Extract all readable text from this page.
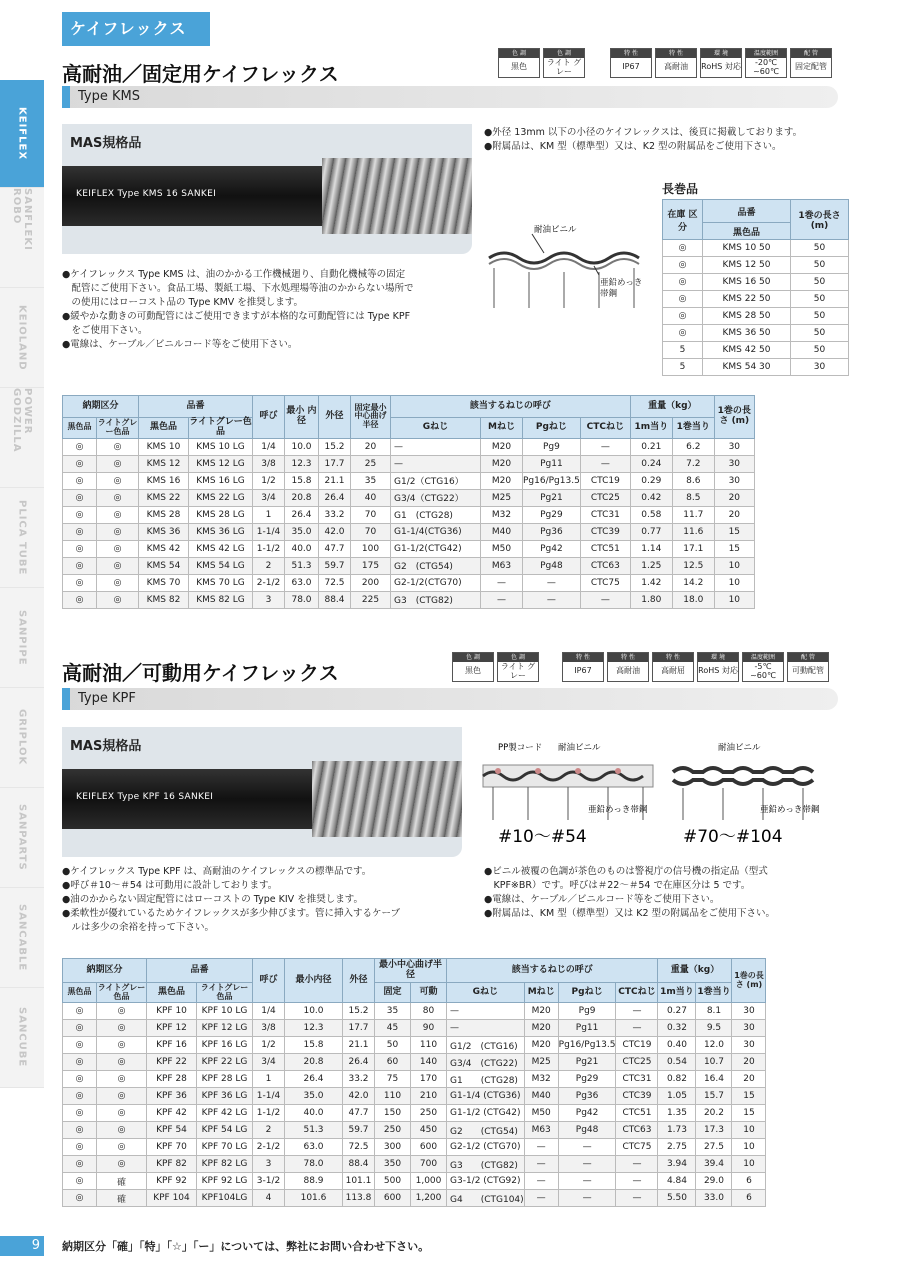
ケイフレックス
KEIFLEX
SANFLEKI ROBO
KEIOLAND
POWER GODZILLA
PLICA TUBE
SANPIPE
GRIPLOK
SANPARTS
SANCABLE
SANCUBE
高耐油／固定用ケイフレックス
色 調
黒色
色 調
ライト グレー
特 性
IP67
特 性
高耐油
環 境
RoHS 対応
温度範囲
-20℃ ~60℃
配 管
固定配管
Type KMS
MAS規格品
KEIFLEX Type KMS 16 SANKEI

●外径 13mm 以下の小径のケイフレックスは、後頁に掲載しております。

●附属品は、KM 型（標準型）又は、K2 型の附属品をご使用下さい。

耐油ビニル
亜鉛めっき 帯鋼
長巻品
在庫 区分	品番	1巻の長さ (m)
	黒色品	
◎	KMS 10 50	50
◎	KMS 12 50	50
◎	KMS 16 50	50
◎	KMS 22 50	50
◎	KMS 28 50	50
◎	KMS 36 50	50
5	KMS 42 50	50
5	KMS 54 30	30

●ケイフレックス Type KMS は、油のかかる工作機械廻り、自動化機械等の固定

　配管にご使用下さい。食品工場、製紙工場、下水処理場等油のかからない場所で

　の使用にはローコスト品の Type KMV を推奨します。

●緩やかな動きの可動配管にはご使用できますが本格的な可動配管には Type KPF

　をご使用下さい。

●電線は、ケーブル／ビニルコード等をご使用下さい。

納期区分		品番		呼び	最小 内径	外径	固定最小 中心曲げ半径	該当するねじの呼び				重量（kg）		1巻の長さ (m)
黒色品	ライトグレー色品	黒色品	ライトグレー色品					Gねじ	Mねじ	Pgねじ	CTCねじ	1m当り	1巻当り	
◎	◎	KMS 10	KMS 10 LG	1/4	10.0	15.2	20	—	M20	Pg9	—	0.21	6.2	30
◎	◎	KMS 12	KMS 12 LG	3/8	12.3	17.7	25	—	M20	Pg11	—	0.24	7.2	30
◎	◎	KMS 16	KMS 16 LG	1/2	15.8	21.1	35	G1/2（CTG16）	M20	Pg16/Pg13.5	CTC19	0.29	8.6	30
◎	◎	KMS 22	KMS 22 LG	3/4	20.8	26.4	40	G3/4（CTG22）	M25	Pg21	CTC25	0.42	8.5	20
◎	◎	KMS 28	KMS 28 LG	1	26.4	33.2	70	G1　(CTG28)	M32	Pg29	CTC31	0.58	11.7	20
◎	◎	KMS 36	KMS 36 LG	1-1/4	35.0	42.0	70	G1-1/4(CTG36)	M40	Pg36	CTC39	0.77	11.6	15
◎	◎	KMS 42	KMS 42 LG	1-1/2	40.0	47.7	100	G1-1/2(CTG42)	M50	Pg42	CTC51	1.14	17.1	15
◎	◎	KMS 54	KMS 54 LG	2	51.3	59.7	175	G2　(CTG54)	M63	Pg48	CTC63	1.25	12.5	10
◎	◎	KMS 70	KMS 70 LG	2-1/2	63.0	72.5	200	G2-1/2(CTG70)	—	—	CTC75	1.42	14.2	10
◎	◎	KMS 82	KMS 82 LG	3	78.0	88.4	225	G3　(CTG82)	—	—	—	1.80	18.0	10
高耐油／可動用ケイフレックス
色 調
黒色
色 調
ライト グレー
特 性
IP67
特 性
高耐油
特 性
高耐屈
環 境
RoHS 対応
温度範囲
-5℃ ~60℃
配 管
可動配管
Type KPF
MAS規格品
KEIFLEX Type KPF 16 SANKEI
PP製コード 耐油ビニル
亜鉛めっき帯鋼
#10～#54
耐油ビニル
亜鉛めっき帯鋼
#70～#104

●ケイフレックス Type KPF は、高耐油のケイフレックスの標準品です。

●呼び＃10～＃54 は可動用に設計しております。

●油のかからない固定配管にはローコストの Type KIV を推奨します。

●柔軟性が優れているためケイフレックスが多少伸びます。管に挿入するケーブ

　ルは多少の余裕を持って下さい。

●ビニル被覆の色調が茶色のものは警視庁の信号機の指定品（型式

　KPF※BR）です。呼びは＃22～＃54 で在庫区分は 5 です。

●電線は、ケーブル／ビニルコード等をご使用下さい。

●附属品は、KM 型（標準型）又は K2 型の附属品をご使用下さい。

納期区分		品番		呼び	最小内径	外径	最小中心曲げ半径		該当するねじの呼び				重量（kg）		1巻の長さ (m)
黒色品	ライトグレー色品	黒色品	ライトグレー色品				固定	可動	Gねじ	Mねじ	Pgねじ	CTCねじ	1m当り	1巻当り	
◎	◎	KPF 10	KPF 10 LG	1/4	10.0	15.2	35	80	—	M20	Pg9	—	0.27	8.1	30
◎	◎	KPF 12	KPF 12 LG	3/8	12.3	17.7	45	90	—	M20	Pg11	—	0.32	9.5	30
◎	◎	KPF 16	KPF 16 LG	1/2	15.8	21.1	50	110	G1/2　(CTG16)	M20	Pg16/Pg13.5	CTC19	0.40	12.0	30
◎	◎	KPF 22	KPF 22 LG	3/4	20.8	26.4	60	140	G3/4　(CTG22)	M25	Pg21	CTC25	0.54	10.7	20
◎	◎	KPF 28	KPF 28 LG	1	26.4	33.2	75	170	G1　　(CTG28)	M32	Pg29	CTC31	0.82	16.4	20
◎	◎	KPF 36	KPF 36 LG	1-1/4	35.0	42.0	110	210	G1-1/4 (CTG36)	M40	Pg36	CTC39	1.05	15.7	15
◎	◎	KPF 42	KPF 42 LG	1-1/2	40.0	47.7	150	250	G1-1/2 (CTG42)	M50	Pg42	CTC51	1.35	20.2	15
◎	◎	KPF 54	KPF 54 LG	2	51.3	59.7	250	450	G2　　(CTG54)	M63	Pg48	CTC63	1.73	17.3	10
◎	◎	KPF 70	KPF 70 LG	2-1/2	63.0	72.5	300	600	G2-1/2 (CTG70)	—	—	CTC75	2.75	27.5	10
◎	◎	KPF 82	KPF 82 LG	3	78.0	88.4	350	700	G3　　(CTG82)	—	—	—	3.94	39.4	10
◎	確	KPF 92	KPF 92 LG	3-1/2	88.9	101.1	500	1,000	G3-1/2 (CTG92)	—	—	—	4.84	29.0	6
◎	確	KPF 104	KPF104LG	4	101.6	113.8	600	1,200	G4　　(CTG104)	—	—	—	5.50	33.0	6
9	納期区分「確」「特」「☆」「ー」については、弊社にお問い合わせ下さい。
